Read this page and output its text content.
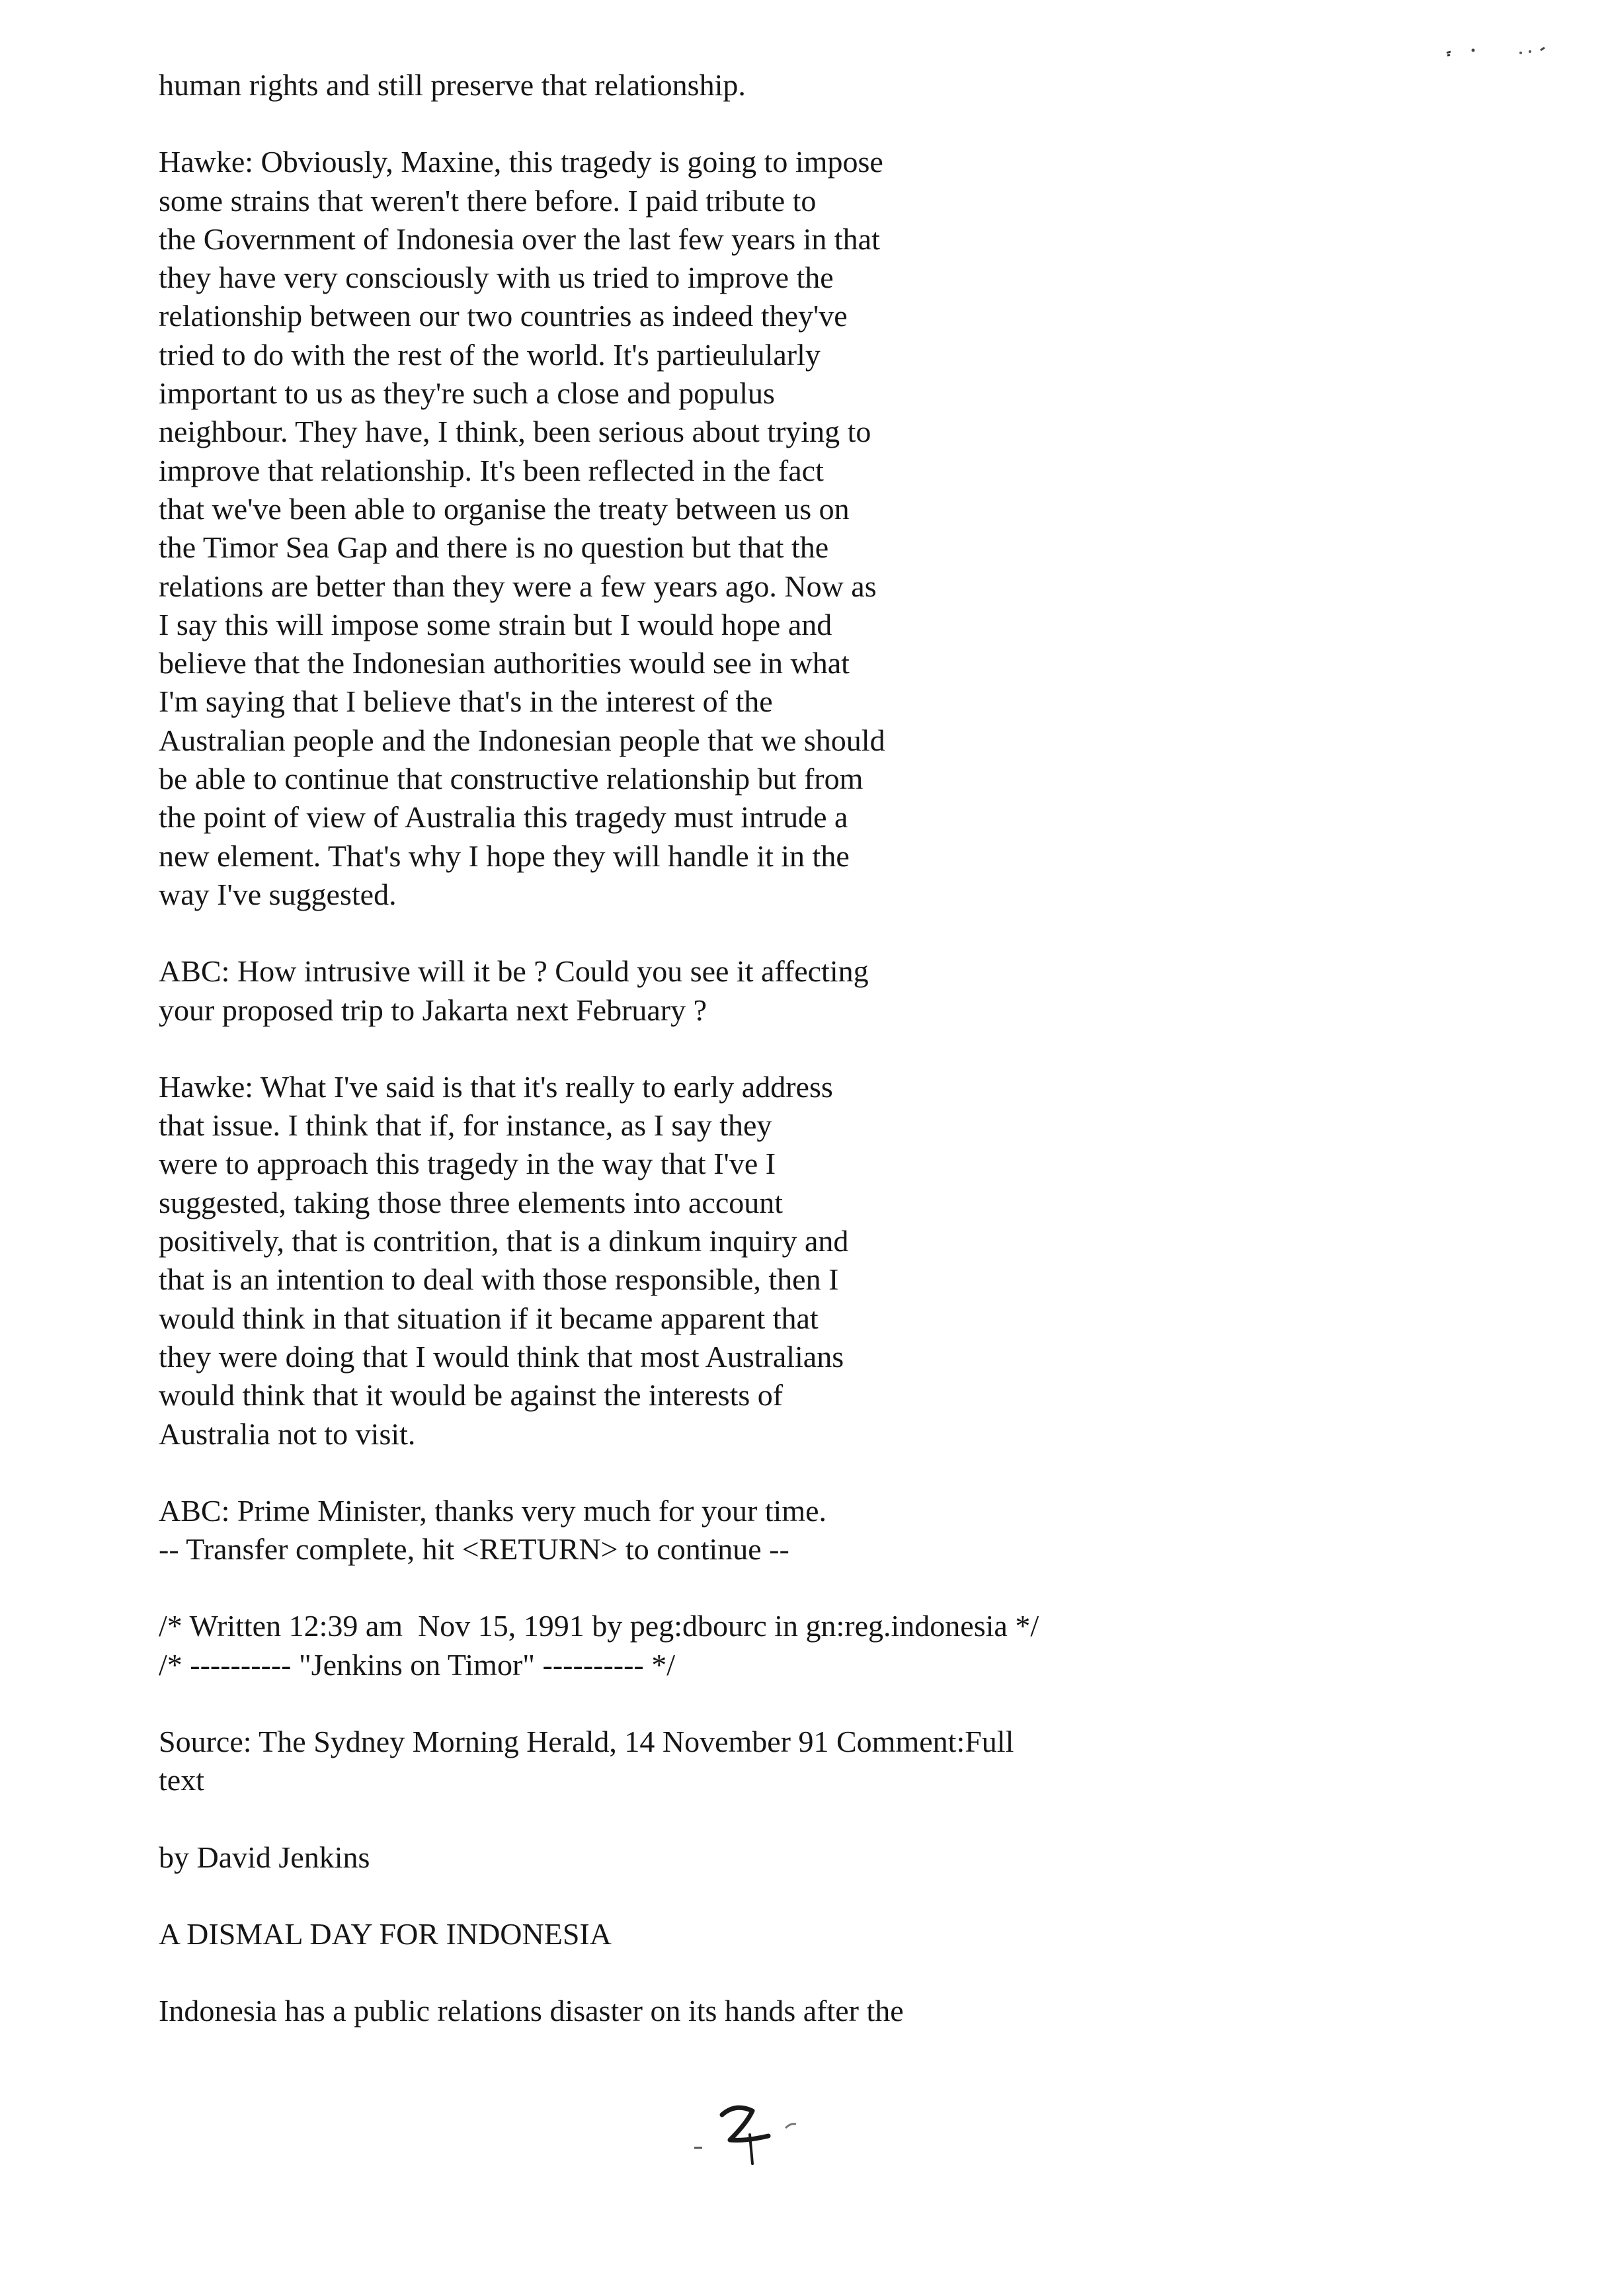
human rights and still preserve that relationship.

Hawke: Obviously, Maxine, this tragedy is going to impose

some strains that weren't there before. I paid tribute to

the Government of Indonesia over the last few years in that

they have very consciously with us tried to improve the

relationship between our two countries as indeed they've

tried to do with the rest of the world. It's partieulularly

important to us as they're such a close and populus

neighbour. They have, I think, been serious about trying to

improve that relationship. It's been reflected in the fact

that we've been able to organise the treaty between us on

the Timor Sea Gap and there is no question but that the

relations are better than they were a few years ago. Now as

I say this will impose some strain but I would hope and

believe that the Indonesian authorities would see in what

I'm saying that I believe that's in the interest of the

Australian people and the Indonesian people that we should

be able to continue that constructive relationship but from

the point of view of Australia this tragedy must intrude a

new element. That's why I hope they will handle it in the

way I've suggested.

ABC: How intrusive will it be ? Could you see it affecting

your proposed trip to Jakarta next February ?

Hawke: What I've said is that it's really to early address

that issue. I think that if, for instance, as I say they

were to approach this tragedy in the way that I've I

suggested, taking those three elements into account

positively, that is contrition, that is a dinkum inquiry and

that is an intention to deal with those responsible, then I

would think in that situation if it became apparent that

they were doing that I would think that most Australians

would think that it would be against the interests of

Australia not to visit.

ABC: Prime Minister, thanks very much for your time.

-- Transfer complete, hit <RETURN> to continue --

/* Written 12:39 am  Nov 15, 1991 by peg:dbourc in gn:reg.indonesia */

/* ---------- "Jenkins on Timor" ---------- */

Source: The Sydney Morning Herald, 14 November 91 Comment:Full

text

by David Jenkins

A DISMAL DAY FOR INDONESIA

Indonesia has a public relations disaster on its hands after the
